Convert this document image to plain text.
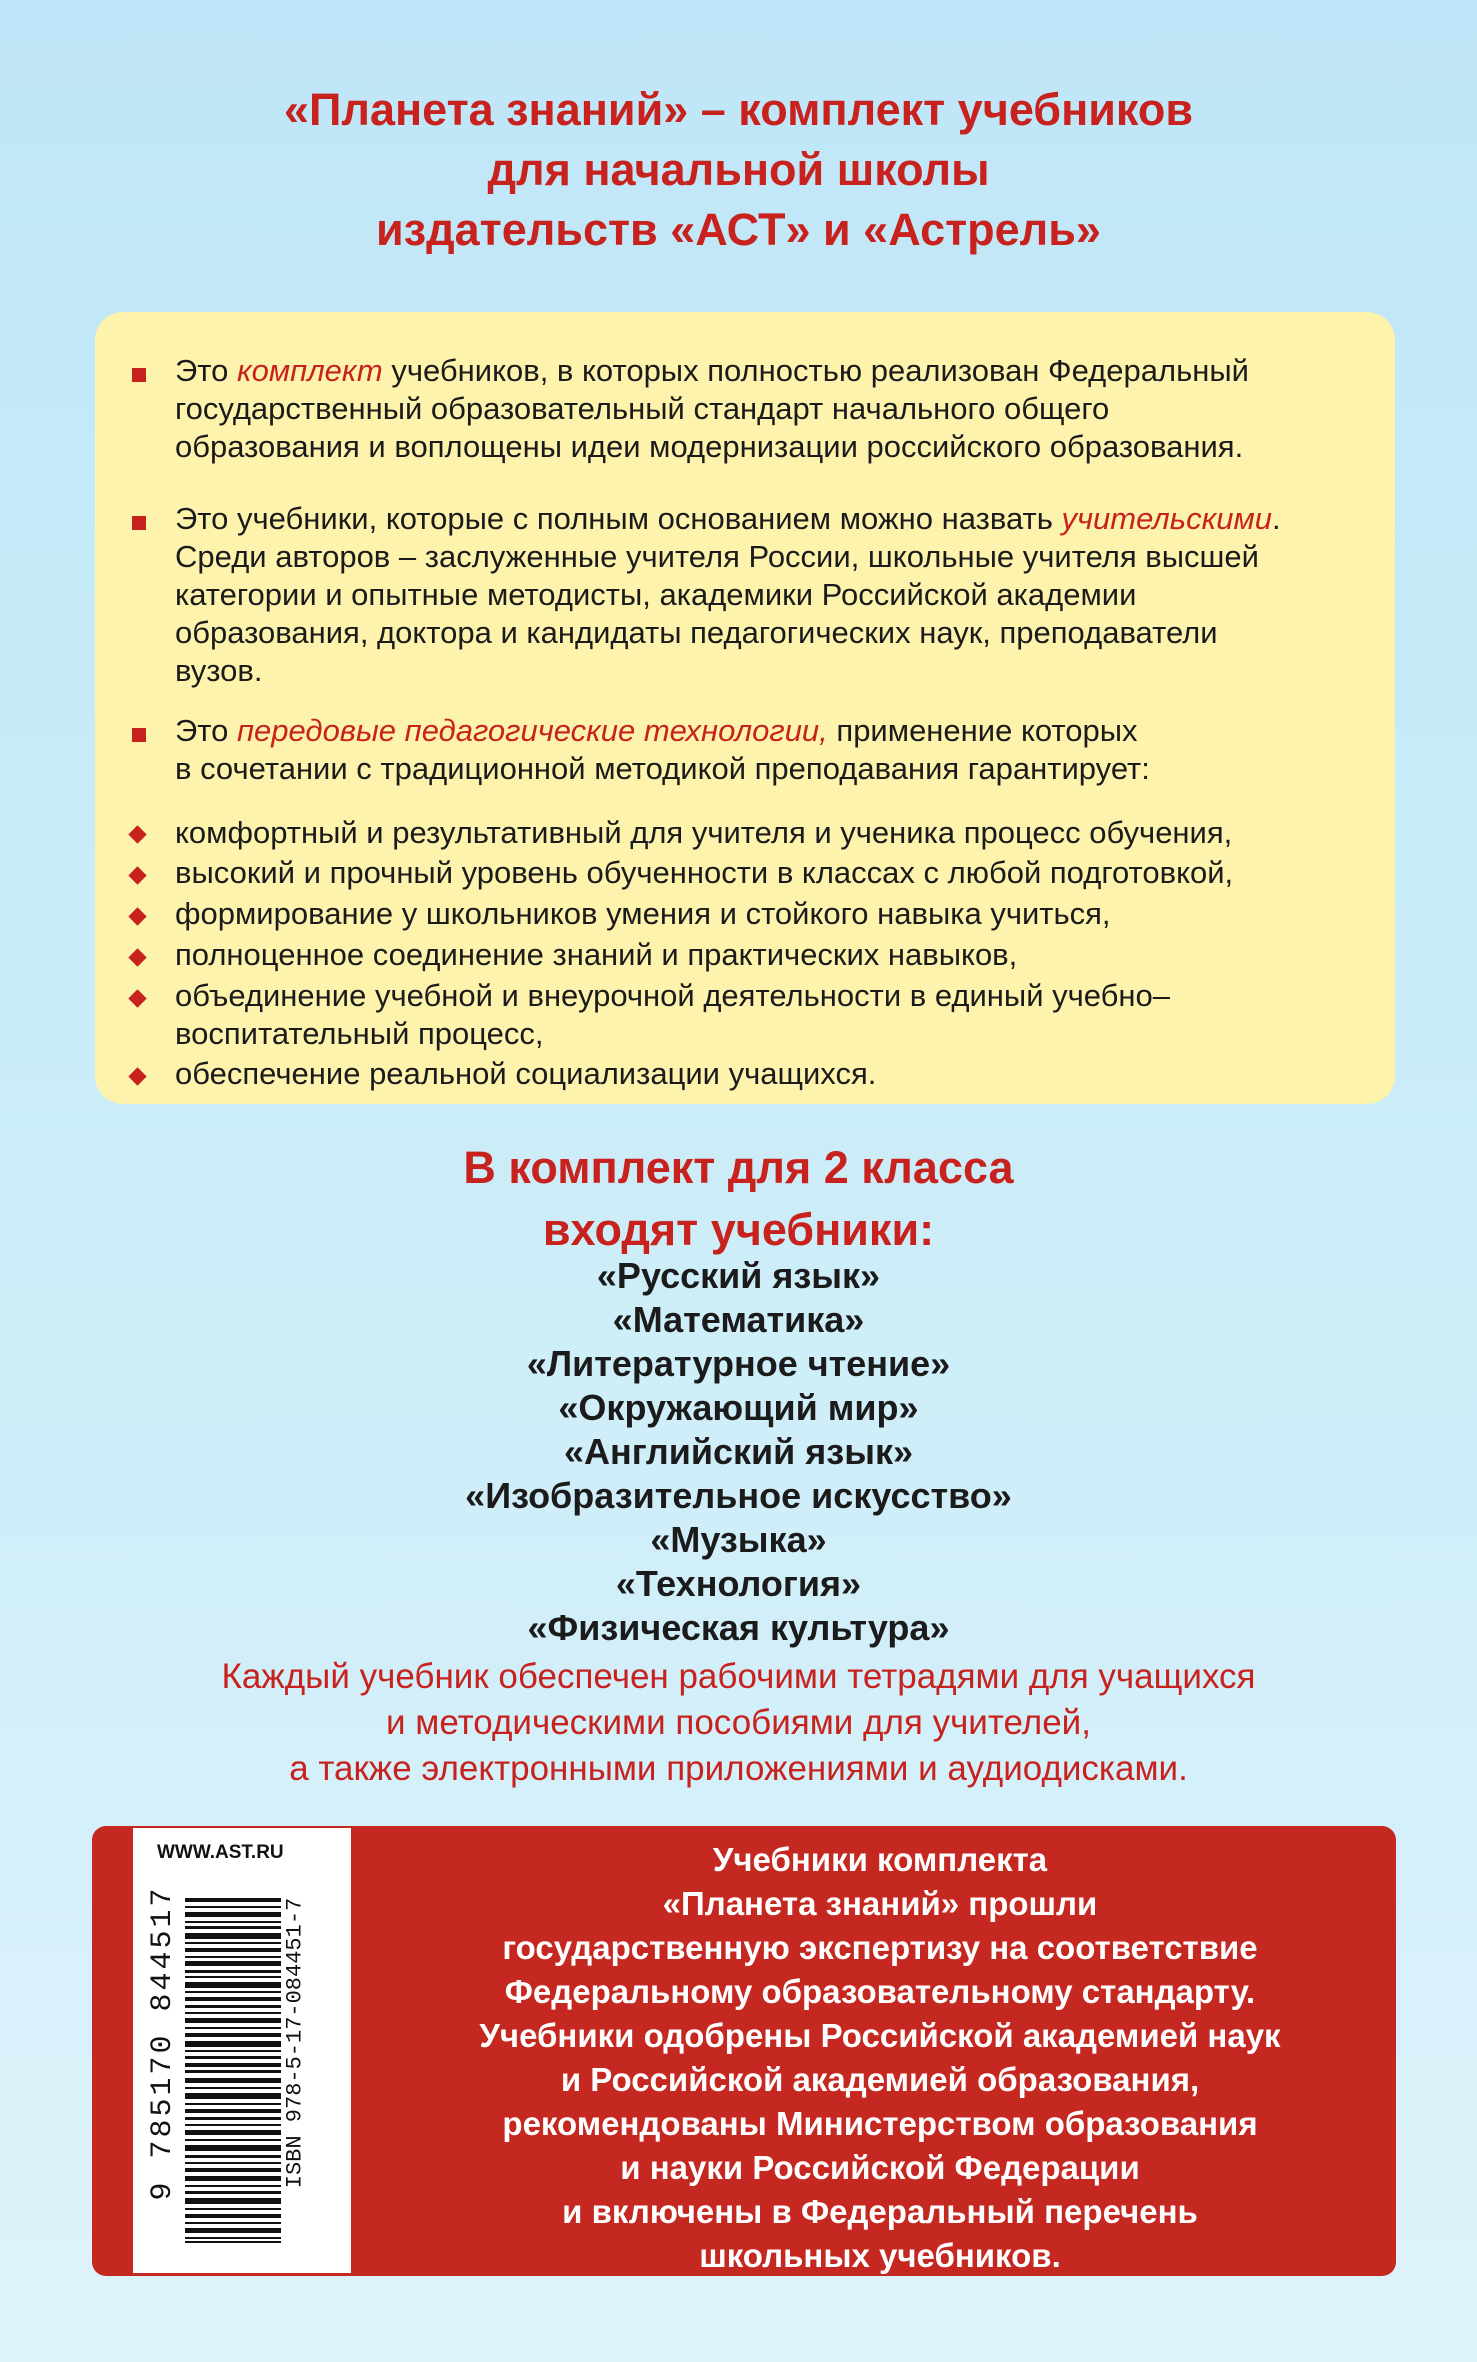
«Планета знаний» – комплект учебников
для начальной школы
издательств «АСТ» и «Астрель»
Это комплект учебников, в которых полностью реализован Федеральный
государственный образовательный стандарт начального общего
образования и воплощены идеи модернизации российского образования.
Это учебники, которые с полным основанием можно назвать учительскими.
Среди авторов – заслуженные учителя России, школьные учителя высшей
категории и опытные методисты, академики Российской академии
образования, доктора и кандидаты педагогических наук, преподаватели
вузов.
Это передовые педагогические технологии, применение которых
в сочетании с традиционной методикой преподавания гарантирует:
комфортный и результативный для учителя и ученика процесс обучения,
высокий и прочный уровень обученности в классах с любой подготовкой,
формирование у школьников умения и стойкого навыка учиться,
полноценное соединение знаний и практических навыков,
объединение учебной и внеурочной деятельности в единый учебно–
воспитательный процесс,
обеспечение реальной социализации учащихся.
В комплект для 2 класса
входят учебники:
«Русский язык»
«Математика»
«Литературное чтение»
«Окружающий мир»
«Английский язык»
«Изобразительное искусство»
«Музыка»
«Технология»
«Физическая культура»
Каждый учебник обеспечен рабочими тетрадями для учащихся
и методическими пособиями для учителей,
а также электронными приложениями и аудиодисками.
WWW.AST.RU
ISBN 978-5-17-084451-7
9 785170 844517
Учебники комплекта
«Планета знаний» прошли
государственную экспертизу на соответствие
Федеральному образовательному стандарту.
Учебники одобрены Российской академией наук
и Российской академией образования,
рекомендованы Министерством образования
и науки Российской Федерации
и включены в Федеральный перечень
школьных учебников.
